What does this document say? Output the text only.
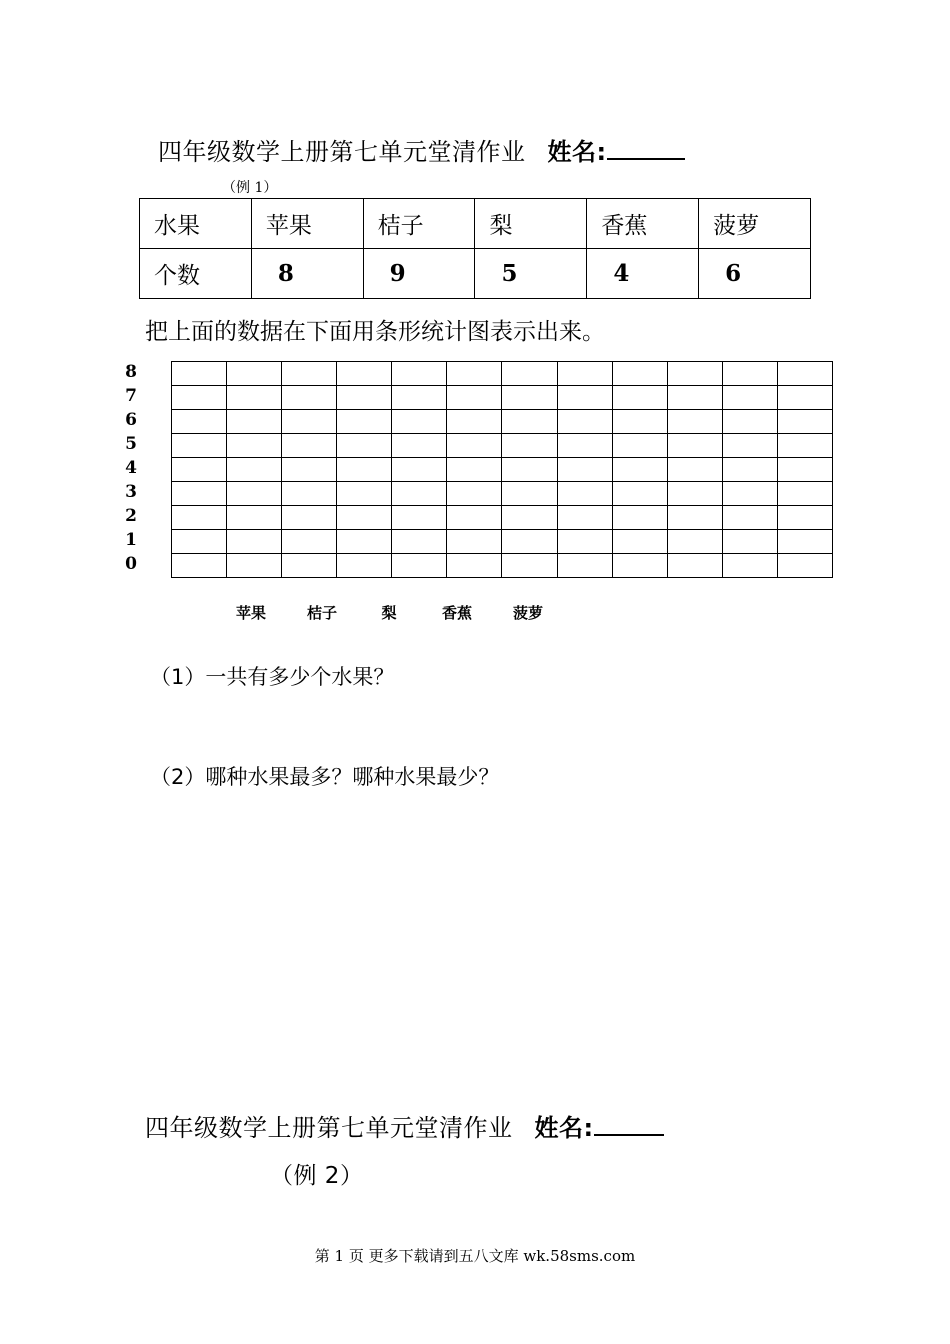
四年级数学上册第七单元堂清作业 姓名:
（例 1）
水果	苹果	桔子	梨	香蕉	菠萝
个数	8	9	5	4	6
把上面的数据在下面用条形统计图表示出来。
8
7
6
5
4
3
2
1
0
苹果	桔子	梨	香蕉	菠萝
（1）一共有多少个水果？
（2）哪种水果最多？哪种水果最少？
四年级数学上册第七单元堂清作业 姓名:
（例 2）
第 1 页 更多下载请到五八文库 wk.58sms.com
